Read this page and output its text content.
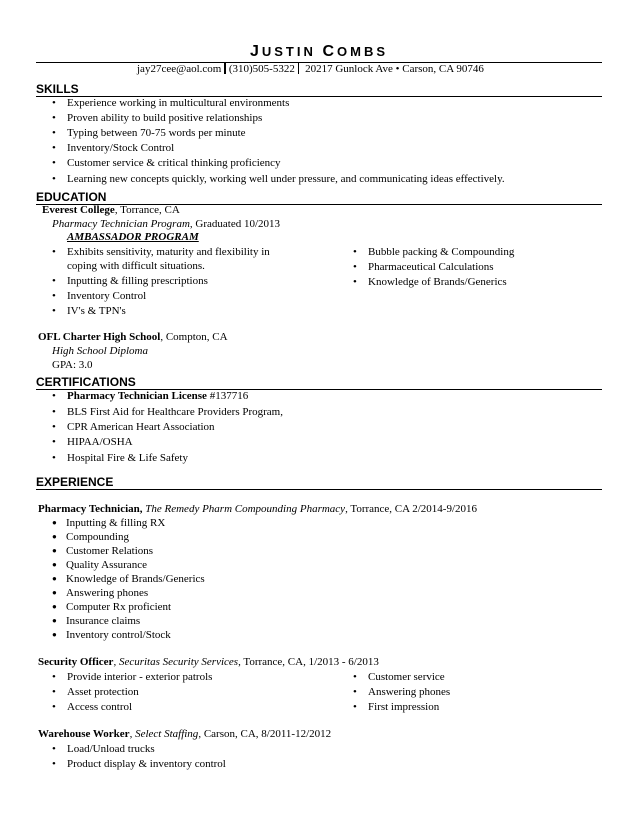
JUSTIN COMBS
jay27cee@aol.com (310)505-5322 20217 Gunlock Ave • Carson, CA 90746
SKILLS
• Experience working in multicultural environments
• Proven ability to build positive relationships
• Typing between 70-75 words per minute
• Inventory/Stock Control
• Customer service & critical thinking proficiency
• Learning new concepts quickly, working well under pressure, and communicating ideas effectively.
EDUCATION
Everest College, Torrance, CA
Pharmacy Technician Program, Graduated 10/2013
AMBASSADOR PROGRAM
• Exhibits sensitivity, maturity and flexibility in
coping with difficult situations.
• Inputting & filling prescriptions
• Inventory Control
• IV's & TPN's
• Bubble packing & Compounding
• Pharmaceutical Calculations
• Knowledge of Brands/Generics
OFL Charter High School, Compton, CA
High School Diploma
GPA: 3.0
CERTIFICATIONS
• Pharmacy Technician License #137716
• BLS First Aid for Healthcare Providers Program,
• CPR American Heart Association
• HIPAA/OSHA
• Hospital Fire & Life Safety
EXPERIENCE
Pharmacy Technician, The Remedy Pharm Compounding Pharmacy, Torrance, CA 2/2014-9/2016
● Inputting & filling RX
● Compounding
● Customer Relations
● Quality Assurance
● Knowledge of Brands/Generics
● Answering phones
● Computer Rx proficient
● Insurance claims
● Inventory control/Stock
Security Officer, Securitas Security Services, Torrance, CA, 1/2013 - 6/2013
• Provide interior - exterior patrols
• Asset protection
• Access control
• Customer service
• Answering phones
• First impression
Warehouse Worker, Select Staffing, Carson, CA, 8/2011-12/2012
• Load/Unload trucks
• Product display & inventory control
